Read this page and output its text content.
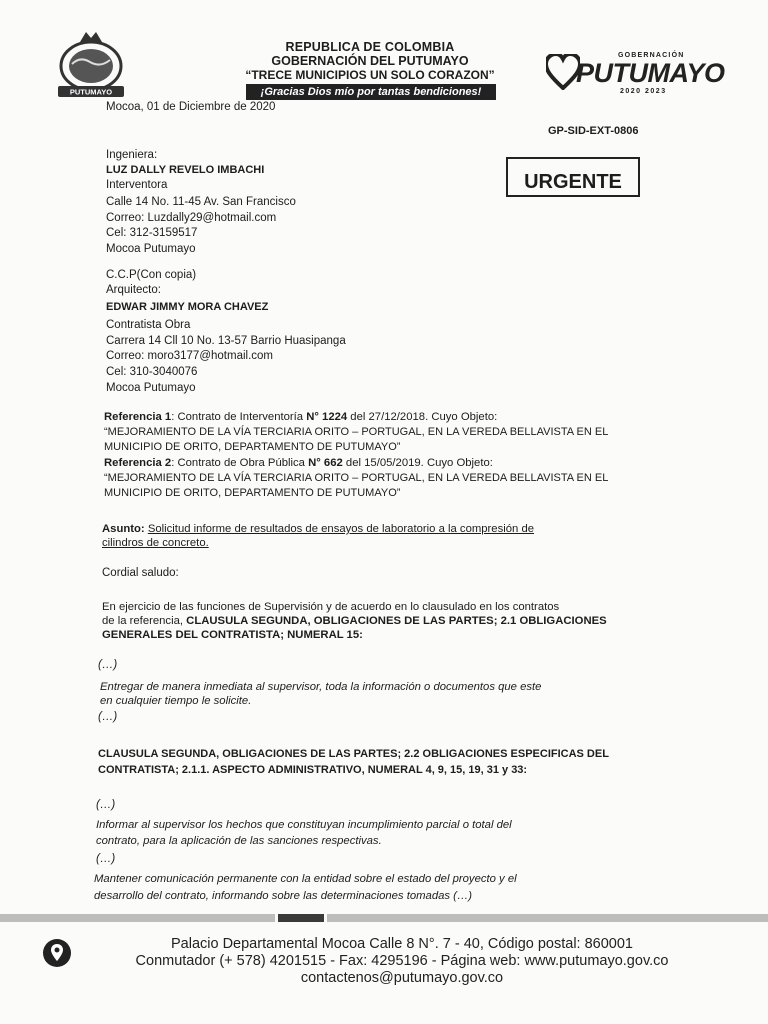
PUTUMAYO
REPUBLICA DE COLOMBIA
GOBERNACIÓN DEL PUTUMAYO
“TRECE MUNICIPIOS UN SOLO CORAZON”
¡Gracias Dios mío por tantas bendiciones!
GOBERNACIÓN
PUTUMAYO
2020 2023
Mocoa, 01 de Diciembre de 2020
GP-SID-EXT-0806
URGENTE
Ingeniera:
LUZ DALLY REVELO IMBACHI
Interventora
Calle 14 No. 11-45 Av. San Francisco
Correo: Luzdally29@hotmail.com
Cel: 312-3159517
Mocoa Putumayo
C.C.P(Con copia)
Arquitecto:
EDWAR JIMMY MORA CHAVEZ
Contratista Obra
Carrera 14 Cll 10 No. 13-57 Barrio Huasipanga
Correo: moro3177@hotmail.com
Cel: 310-3040076
Mocoa Putumayo
Referencia 1: Contrato de Interventoría N° 1224 del 27/12/2018. Cuyo Objeto:
“MEJORAMIENTO DE LA VÍA TERCIARIA ORITO – PORTUGAL, EN LA VEREDA BELLAVISTA EN EL
MUNICIPIO DE ORITO, DEPARTAMENTO DE PUTUMAYO”
Referencia 2: Contrato de Obra Pública N° 662 del 15/05/2019. Cuyo Objeto:
“MEJORAMIENTO DE LA VÍA TERCIARIA ORITO – PORTUGAL, EN LA VEREDA BELLAVISTA EN EL
MUNICIPIO DE ORITO, DEPARTAMENTO DE PUTUMAYO”
Asunto: Solicitud informe de resultados de ensayos de laboratorio a la compresión de
cilindros de concreto.
Cordial saludo:
En ejercicio de las funciones de Supervisión y de acuerdo en lo clausulado en los contratos
de la referencia, CLAUSULA SEGUNDA, OBLIGACIONES DE LAS PARTES; 2.1 OBLIGACIONES
GENERALES DEL CONTRATISTA; NUMERAL 15:
(…)
Entregar de manera inmediata al supervisor, toda la información o documentos que este
en cualquier tiempo le solicite.
(…)
CLAUSULA SEGUNDA, OBLIGACIONES DE LAS PARTES; 2.2 OBLIGACIONES ESPECIFICAS DEL
CONTRATISTA; 2.1.1. ASPECTO ADMINISTRATIVO, NUMERAL 4, 9, 15, 19, 31 y 33:
(…)
Informar al supervisor los hechos que constituyan incumplimiento parcial o total del
contrato, para la aplicación de las sanciones respectivas.
(…)
Mantener comunicación permanente con la entidad sobre el estado del proyecto y el
desarrollo del contrato, informando sobre las determinaciones tomadas (…)
Palacio Departamental Mocoa Calle 8 N°. 7 - 40, Código postal: 860001
Conmutador (+ 578) 4201515 - Fax: 4295196 - Página web: www.putumayo.gov.co
contactenos@putumayo.gov.co
